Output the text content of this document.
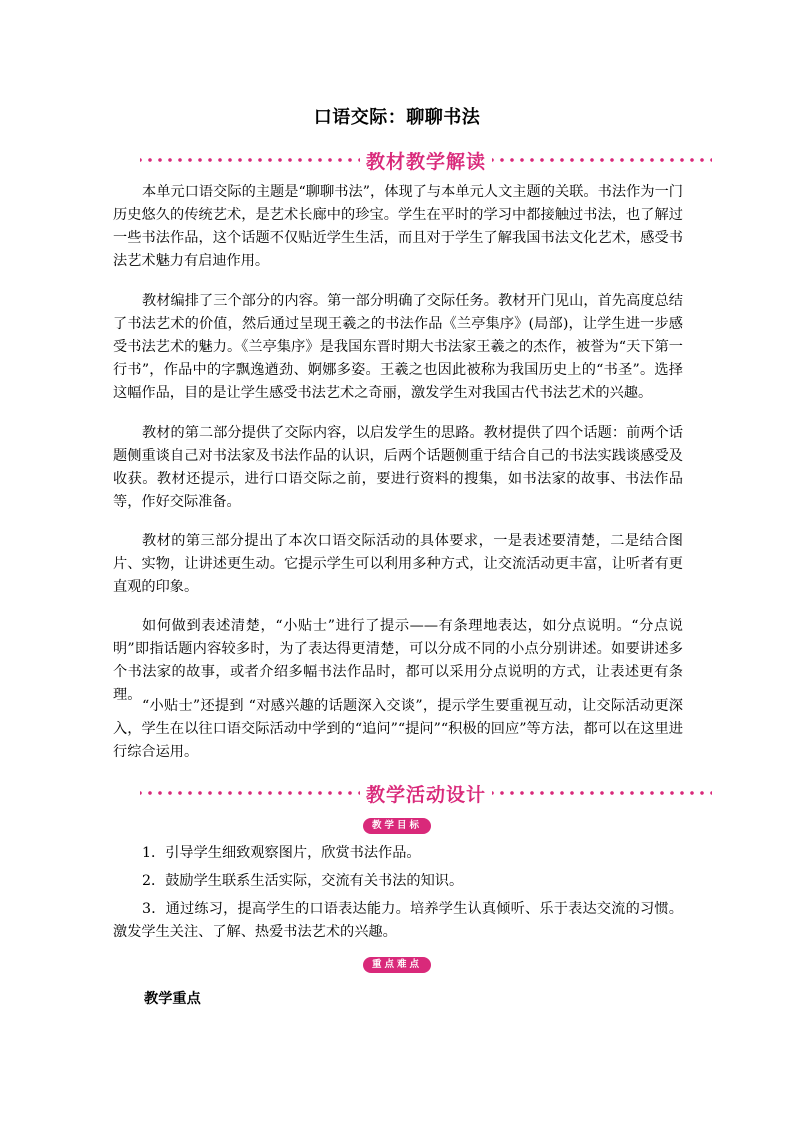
口语交际：聊聊书法
教材教学解读

本单元口语交际的主题是“聊聊书法”，体现了与本单元人文主题的关联。书法作为一门历史悠久的传统艺术，是艺术长廊中的珍宝。学生在平时的学习中都接触过书法，也了解过一些书法作品，这个话题不仅贴近学生生活，而且对于学生了解我国书法文化艺术，感受书法艺术魅力有启迪作用。

教材编排了三个部分的内容。第一部分明确了交际任务。教材开门见山，首先高度总结了书法艺术的价值，然后通过呈现王羲之的书法作品《兰亭集序》(局部)，让学生进一步感受书法艺术的魅力。《兰亭集序》是我国东晋时期大书法家王羲之的杰作，被誉为“天下第一行书”，作品中的字飘逸遒劲、婀娜多姿。王羲之也因此被称为我国历史上的“书圣”。选择这幅作品，目的是让学生感受书法艺术之奇丽，激发学生对我国古代书法艺术的兴趣。

教材的第二部分提供了交际内容，以启发学生的思路。教材提供了四个话题：前两个话题侧重谈自己对书法家及书法作品的认识，后两个话题侧重于结合自己的书法实践谈感受及收获。教材还提示，进行口语交际之前，要进行资料的搜集，如书法家的故事、书法作品等，作好交际准备。

教材的第三部分提出了本次口语交际活动的具体要求，一是表述要清楚，二是结合图片、实物，让讲述更生动。它提示学生可以利用多种方式，让交流活动更丰富，让听者有更直观的印象。

如何做到表述清楚，“小贴士”进行了提示——有条理地表达，如分点说明。“分点说明”即指话题内容较多时，为了表达得更清楚，可以分成不同的小点分别讲述。如要讲述多个书法家的故事，或者介绍多幅书法作品时，都可以采用分点说明的方式，让表述更有条理。

“小贴士”还提到 “对感兴趣的话题深入交谈”，提示学生要重视互动，让交际活动更深入，学生在以往口语交际活动中学到的“追问”“提问”“积极的回应”等方法，都可以在这里进行综合运用。

教学活动设计
教学目标

1．引导学生细致观察图片，欣赏书法作品。

2．鼓励学生联系生活实际，交流有关书法的知识。

3．通过练习，提高学生的口语表达能力。培养学生认真倾听、乐于表达交流的习惯。激发学生关注、了解、热爱书法艺术的兴趣。

重点难点
教学重点
